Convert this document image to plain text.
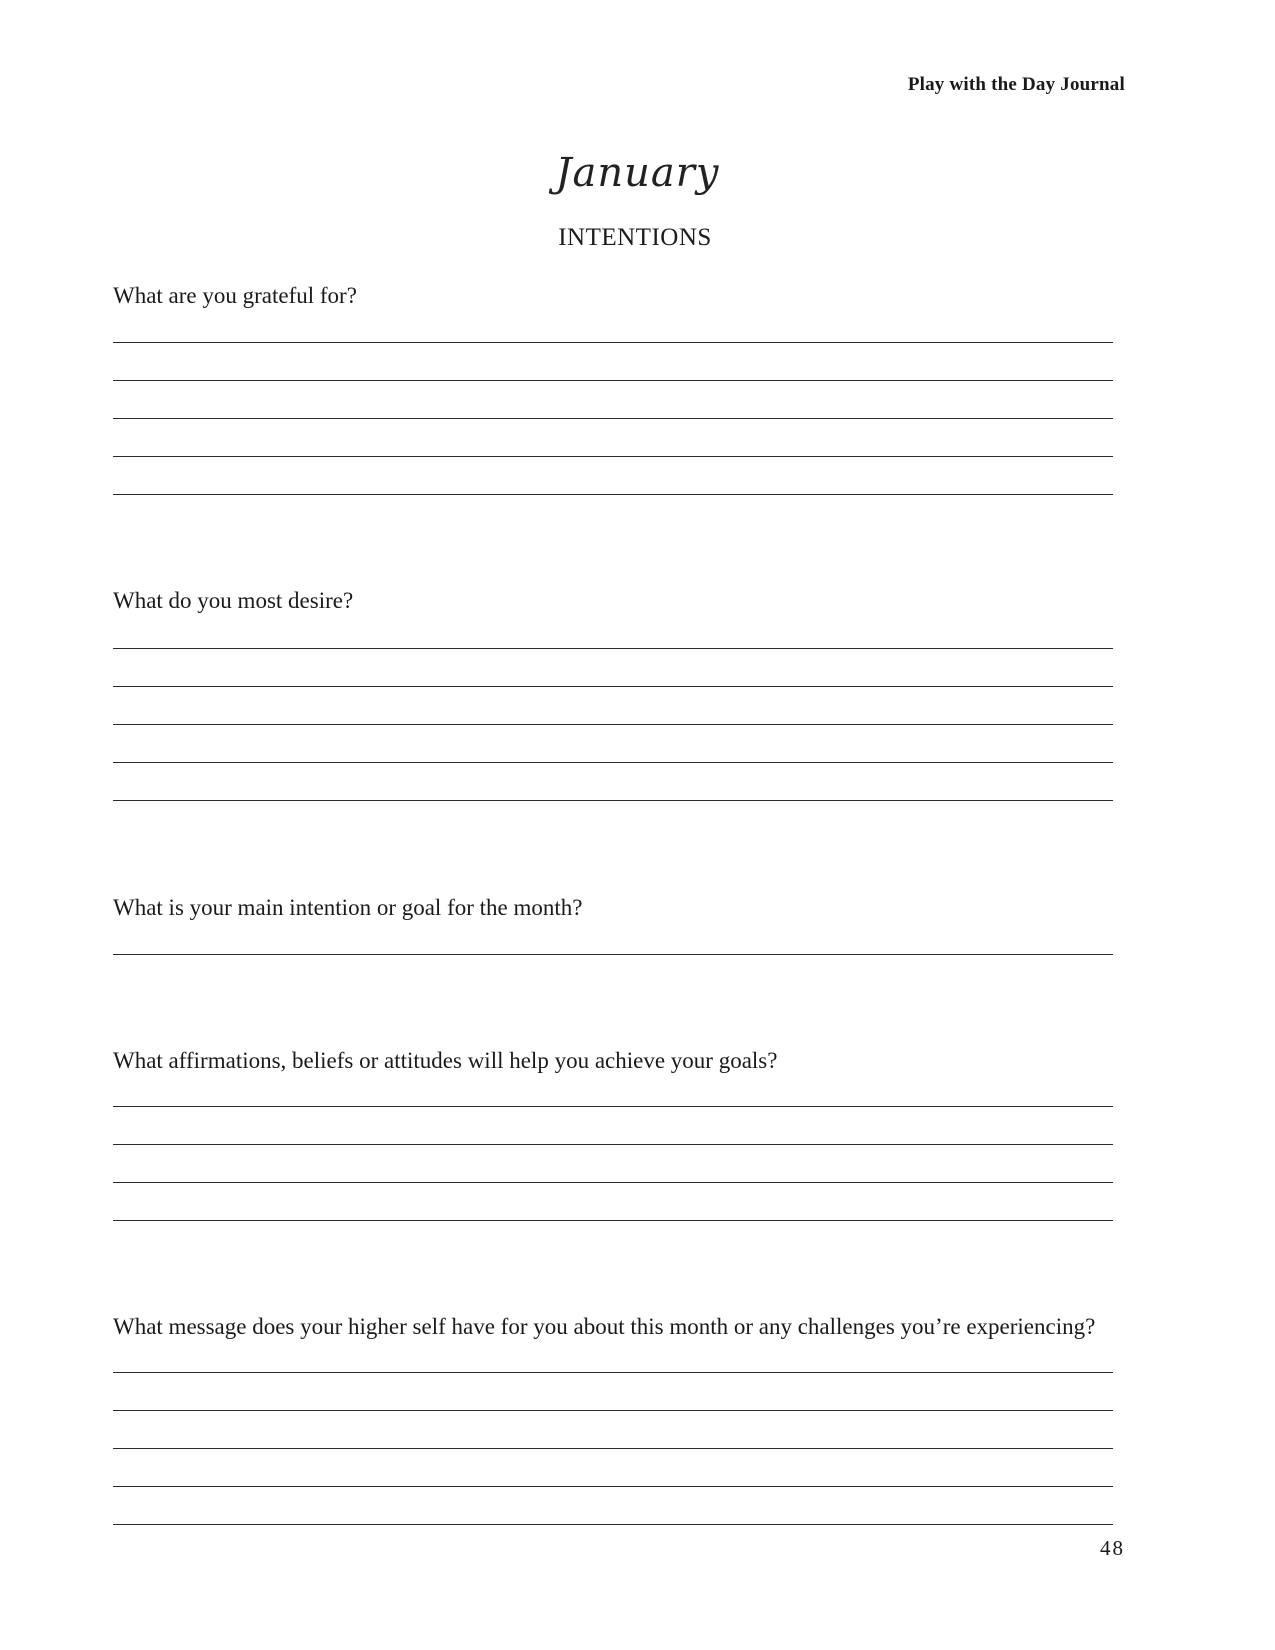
Play with the Day Journal
January
INTENTIONS
What are you grateful for?
What do you most desire?
What is your main intention or goal for the month?
What affirmations, beliefs or attitudes will help you achieve your goals?
What message does your higher self have for you about this month or any challenges you’re experiencing?
48
